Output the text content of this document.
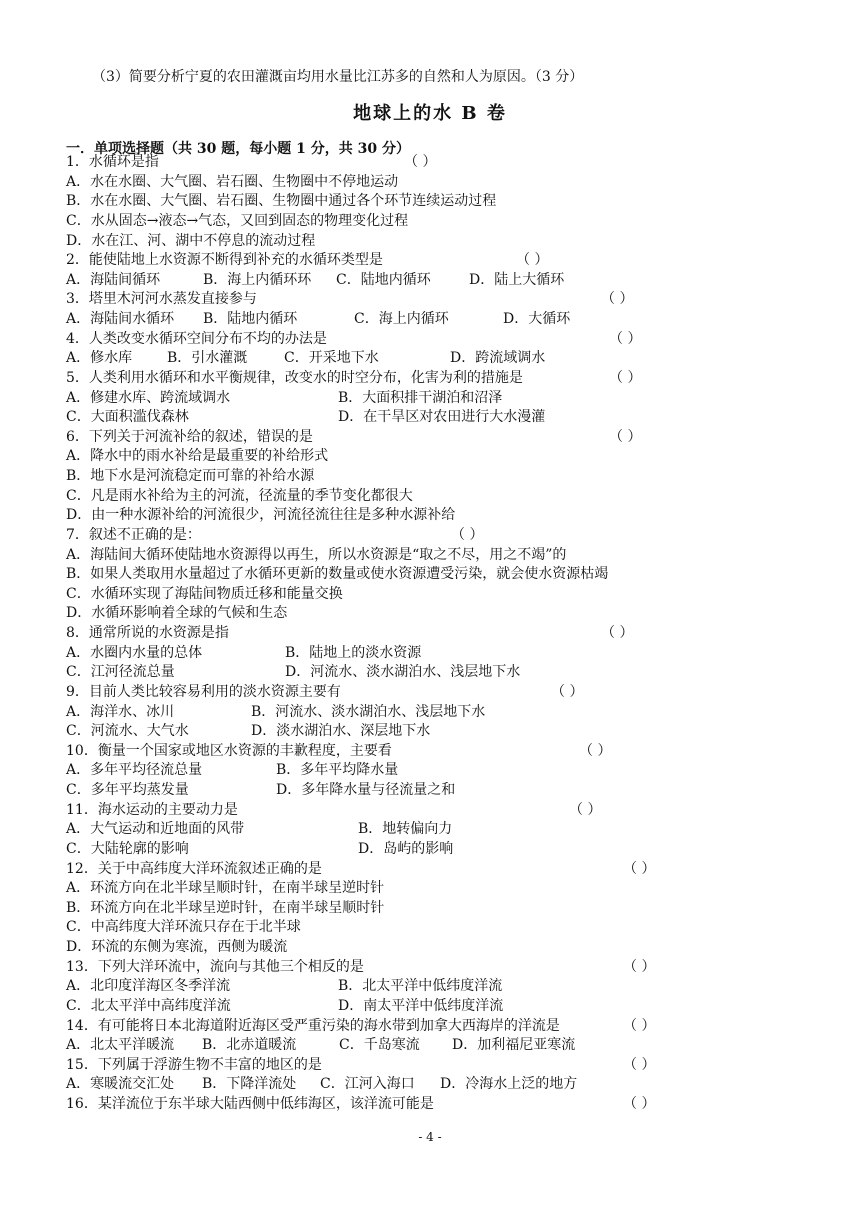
（3）简要分析宁夏的农田灌溉亩均用水量比江苏多的自然和人为原因。（3 分）
地球上的水 B 卷
一．单项选择题（共 30 题，每小题 1 分，共 30 分）
1．水循环是指	（ ）
A．水在水圈、大气圈、岩石圈、生物圈中不停地运动
B．水在水圈、大气圈、岩石圈、生物圈中通过各个环节连续运动过程
C．水从固态→液态→气态，又回到固态的物理变化过程
D．水在江、河、湖中不停息的流动过程
2．能使陆地上水资源不断得到补充的水循环类型是	（ ）
A．海陆间循环	B．海上内循环环 C．陆地内循环	D．陆上大循环
3．塔里木河河水蒸发直接参与	（ ）
A．海陆间水循环 B．陆地内循环	C．海上内循环	D．大循环
4．人类改变水循环空间分布不均的办法是	（ ）
A．修水库 B．引水灌溉	C．开采地下水	D．跨流域调水
5．人类利用水循环和水平衡规律，改变水的时空分布，化害为利的措施是	（ ）
A．修建水库、跨流域调水	B．大面积排干湖泊和沼泽
C．大面积滥伐森林	D．在干旱区对农田进行大水漫灌
6．下列关于河流补给的叙述，错误的是	（ ）
A．降水中的雨水补给是最重要的补给形式
B．地下水是河流稳定而可靠的补给水源
C．凡是雨水补给为主的河流，径流量的季节变化都很大
D．由一种水源补给的河流很少，河流径流往往是多种水源补给
7．叙述不正确的是：	（ ）
A．海陆间大循环使陆地水资源得以再生，所以水资源是“取之不尽，用之不竭”的
B．如果人类取用水量超过了水循环更新的数量或使水资源遭受污染，就会使水资源枯竭
C．水循环实现了海陆间物质迁移和能量交换
D．水循环影响着全球的气候和生态
8．通常所说的水资源是指	（ ）
A．水圈内水量的总体	B．陆地上的淡水资源
C．江河径流总量	D．河流水、淡水湖泊水、浅层地下水
9．目前人类比较容易利用的淡水资源主要有	（ ）
A．海洋水、冰川	B．河流水、淡水湖泊水、浅层地下水
C．河流水、大气水	D．淡水湖泊水、深层地下水
10．衡量一个国家或地区水资源的丰歉程度，主要看	（ ）
A．多年平均径流总量	B．多年平均降水量
C．多年平均蒸发量	D．多年降水量与径流量之和
11．海水运动的主要动力是	（ ）
A．大气运动和近地面的风带	B．地转偏向力
C．大陆轮廓的影响	D．岛屿的影响
12．关于中高纬度大洋环流叙述正确的是	（ ）
A．环流方向在北半球呈顺时针，在南半球呈逆时针
B．环流方向在北半球呈逆时针，在南半球呈顺时针
C．中高纬度大洋环流只存在于北半球
D．环流的东侧为寒流，西侧为暖流
13．下列大洋环流中，流向与其他三个相反的是	（ ）
A．北印度洋海区冬季洋流	B．北太平洋中低纬度洋流
C．北太平洋中高纬度洋流	D．南太平洋中低纬度洋流
14．有可能将日本北海道附近海区受严重污染的海水带到加拿大西海岸的洋流是	（ ）
A．北太平洋暖流 B．北赤道暖流	C．千岛寒流 D．加利福尼亚寒流
15．下列属于浮游生物不丰富的地区的是	（ ）
A．寒暖流交汇处 B．下降洋流处 C．江河入海口 D．冷海水上泛的地方
16．某洋流位于东半球大陆西侧中低纬海区，该洋流可能是	（ ）
- 4 -
